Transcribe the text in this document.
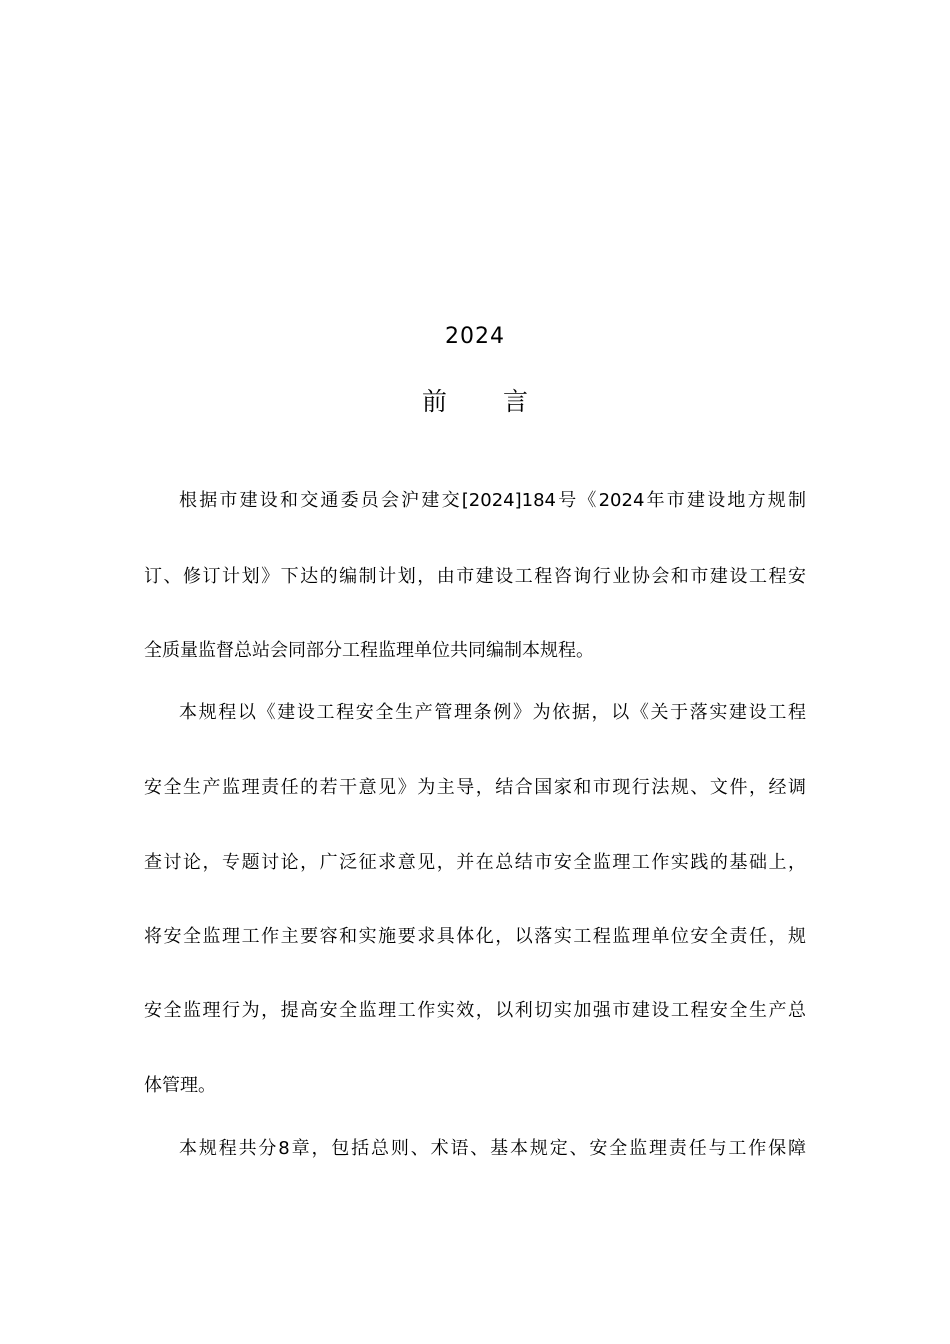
2024
前 言
根据市建设和交通委员会沪建交[2024]184号《2024年市建设地方规制
订、修订计划》下达的编制计划，由市建设工程咨询行业协会和市建设工程安
全质量监督总站会同部分工程监理单位共同编制本规程。
本规程以《建设工程安全生产管理条例》为依据，以《关于落实建设工程
安全生产监理责任的若干意见》为主导，结合国家和市现行法规、文件，经调
查讨论，专题讨论，广泛征求意见，并在总结市安全监理工作实践的基础上，
将安全监理工作主要容和实施要求具体化，以落实工程监理单位安全责任，规
安全监理行为，提高安全监理工作实效，以利切实加强市建设工程安全生产总
体管理。
本规程共分8章，包括总则、术语、基本规定、安全监理责任与工作保障
